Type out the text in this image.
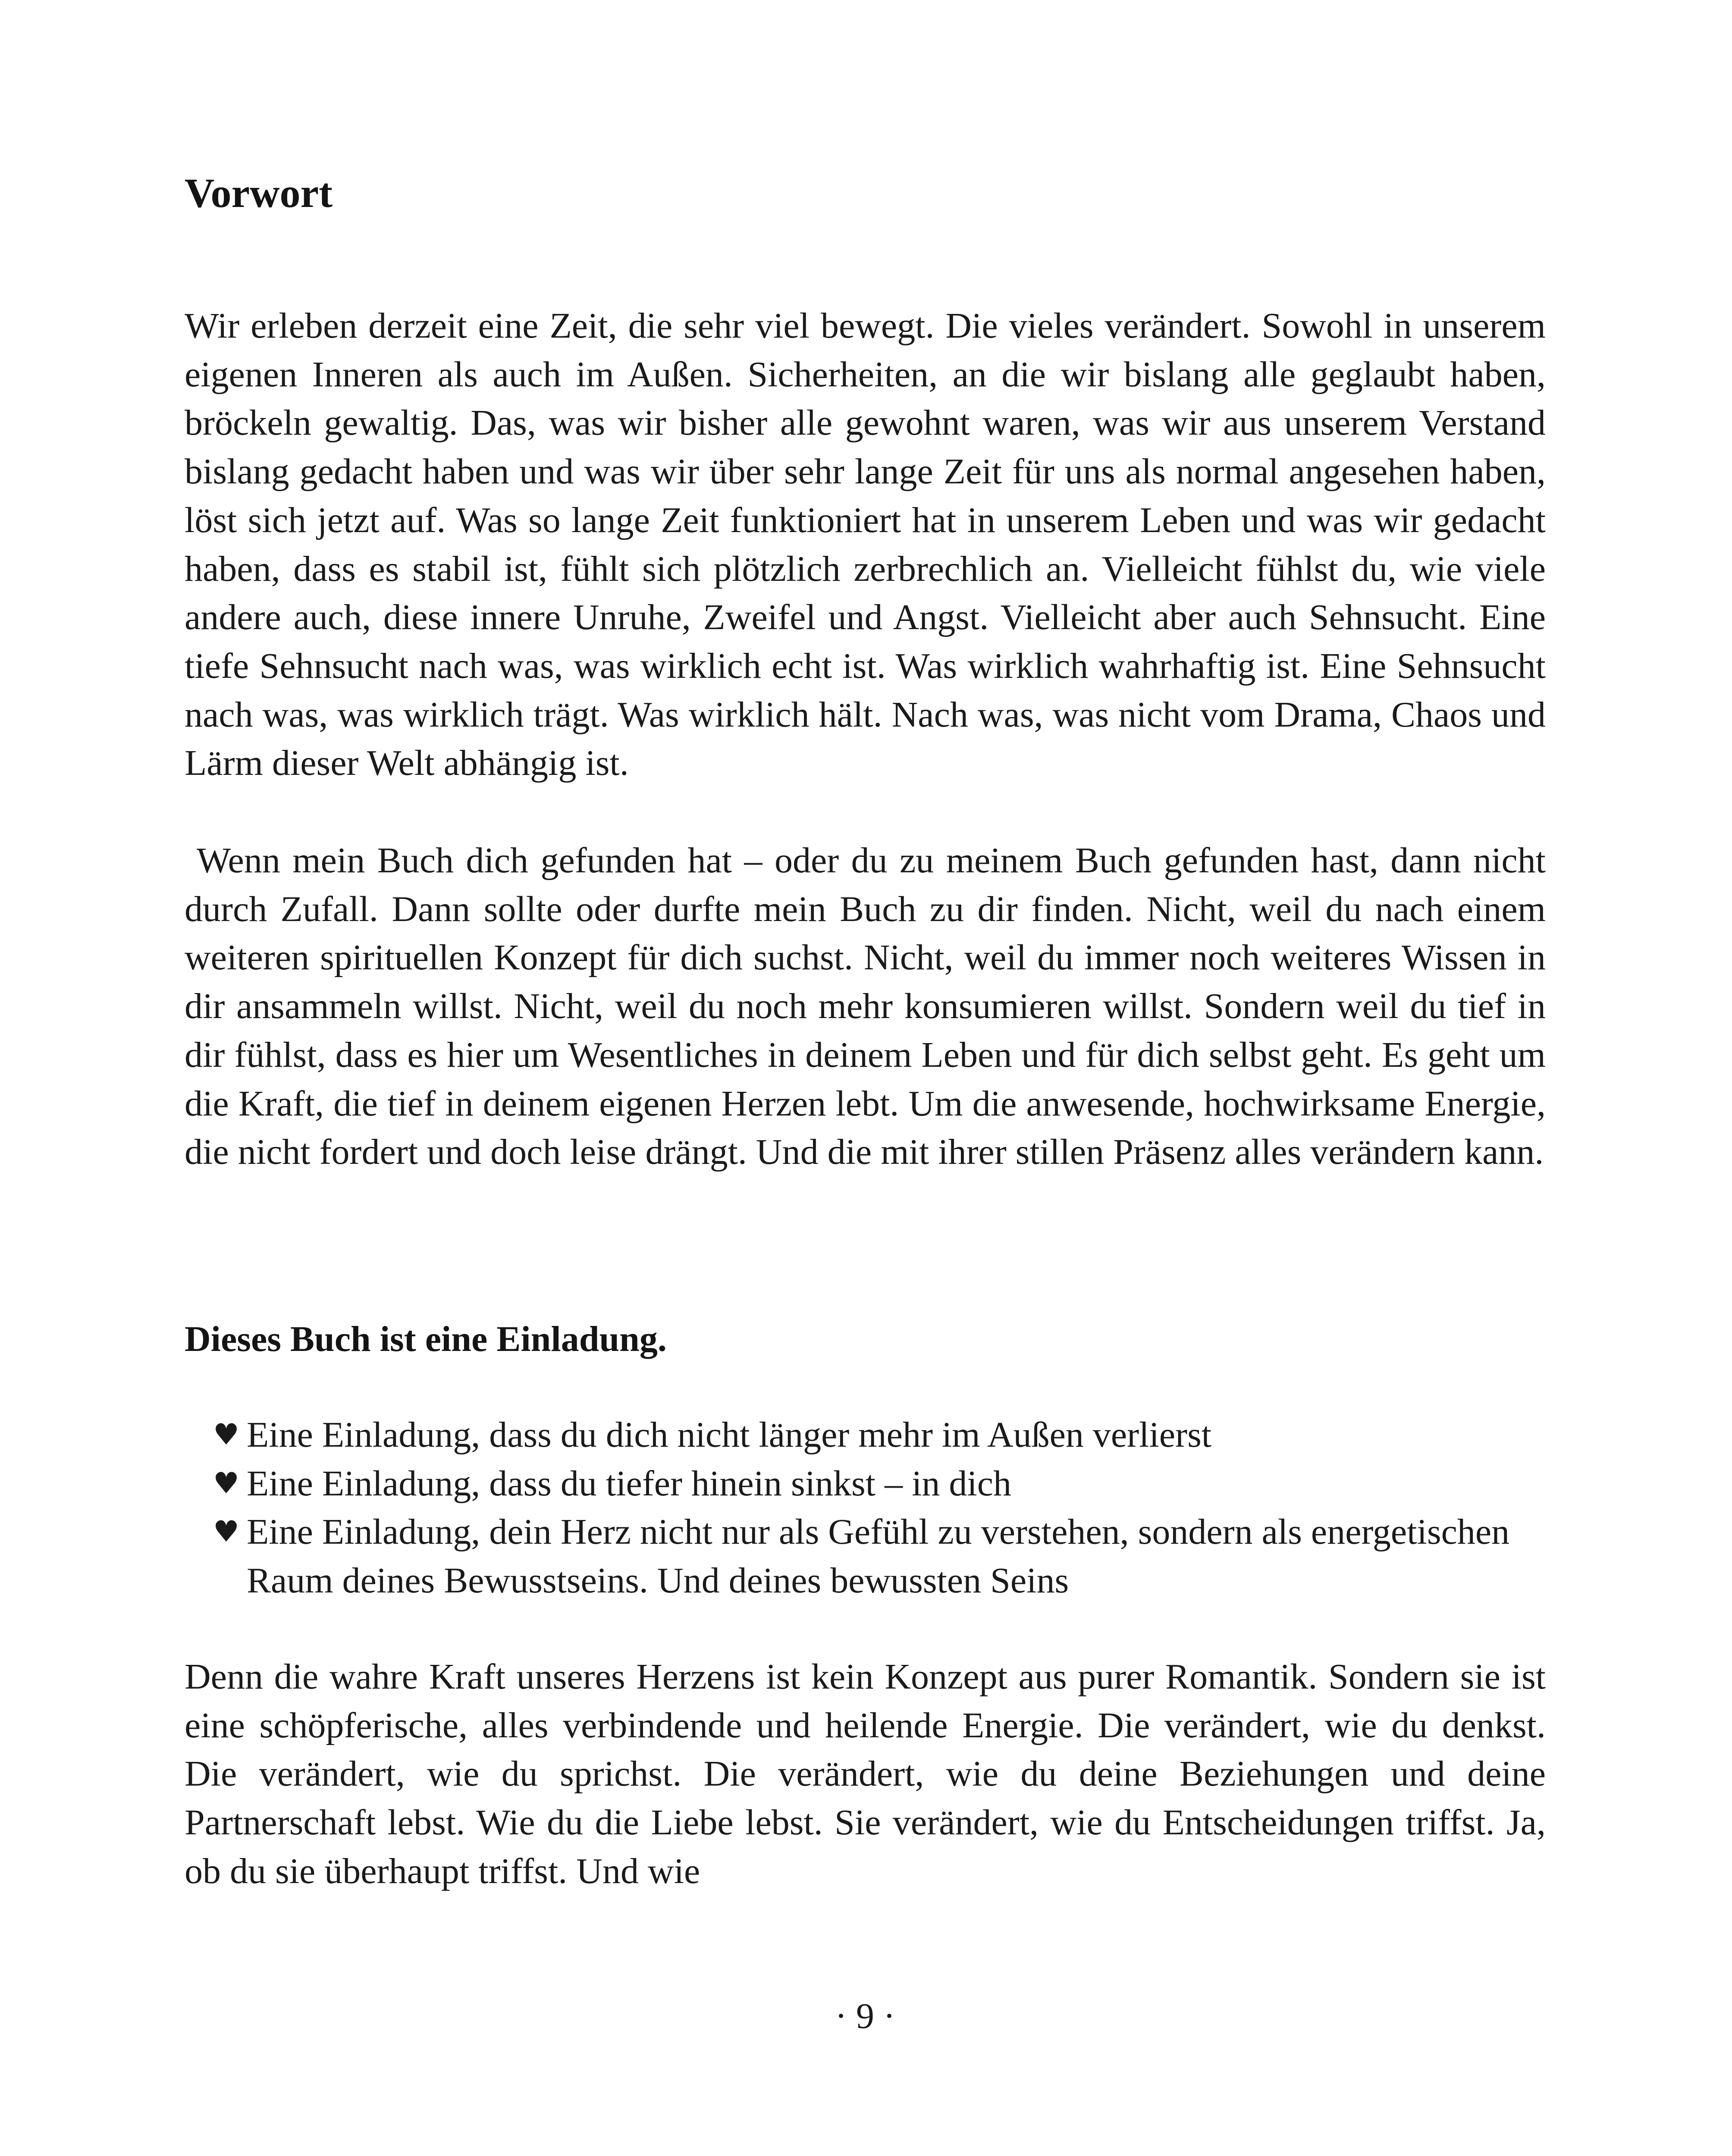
Vorwort

Wir erleben derzeit eine Zeit, die sehr viel bewegt. Die vieles verändert. Sowohl in unserem eigenen Inneren als auch im Außen. Sicherheiten, an die wir bislang alle geglaubt haben, bröckeln gewaltig. Das, was wir bisher alle gewohnt waren, was wir aus unserem Verstand bislang gedacht haben und was wir über sehr lange Zeit für uns als normal angesehen haben, löst sich jetzt auf. Was so lange Zeit funktioniert hat in unserem Leben und was wir gedacht haben, dass es stabil ist, fühlt sich plötzlich zerbrechlich an. Vielleicht fühlst du, wie viele andere auch, diese innere Unruhe, Zweifel und Angst. Vielleicht aber auch Sehnsucht. Eine tiefe Sehnsucht nach was, was wirklich echt ist. Was wirklich wahrhaftig ist. Eine Sehnsucht nach was, was wirklich trägt. Was wirklich hält. Nach was, was nicht vom Drama, Chaos und Lärm dieser Welt abhängig ist.

Wenn mein Buch dich gefunden hat – oder du zu meinem Buch gefunden hast, dann nicht durch Zufall. Dann sollte oder durfte mein Buch zu dir finden. Nicht, weil du nach einem weiteren spirituellen Konzept für dich suchst. Nicht, weil du immer noch weiteres Wissen in dir ansammeln willst. Nicht, weil du noch mehr konsumieren willst. Sondern weil du tief in dir fühlst, dass es hier um Wesentliches in deinem Leben und für dich selbst geht. Es geht um die Kraft, die tief in deinem eigenen Herzen lebt. Um die anwesende, hochwirksame Energie, die nicht fordert und doch leise drängt. Und die mit ihrer stillen Präsenz alles verändern kann.

Dieses Buch ist eine Einladung.
♥ Eine Einladung, dass du dich nicht länger mehr im Außen verlierst
♥ Eine Einladung, dass du tiefer hinein sinkst – in dich
♥ Eine Einladung, dein Herz nicht nur als Gefühl zu verstehen, sondern als energetischen Raum deines Bewusstseins. Und deines bewussten Seins

Denn die wahre Kraft unseres Herzens ist kein Konzept aus purer Romantik. Sondern sie ist eine schöpferische, alles verbindende und heilende Energie. Die verändert, wie du denkst. Die verändert, wie du sprichst. Die verändert, wie du deine Beziehungen und deine Partnerschaft lebst. Wie du die Liebe lebst. Sie verändert, wie du Entscheidungen triffst. Ja, ob du sie überhaupt triffst. Und wie

· 9 ·
